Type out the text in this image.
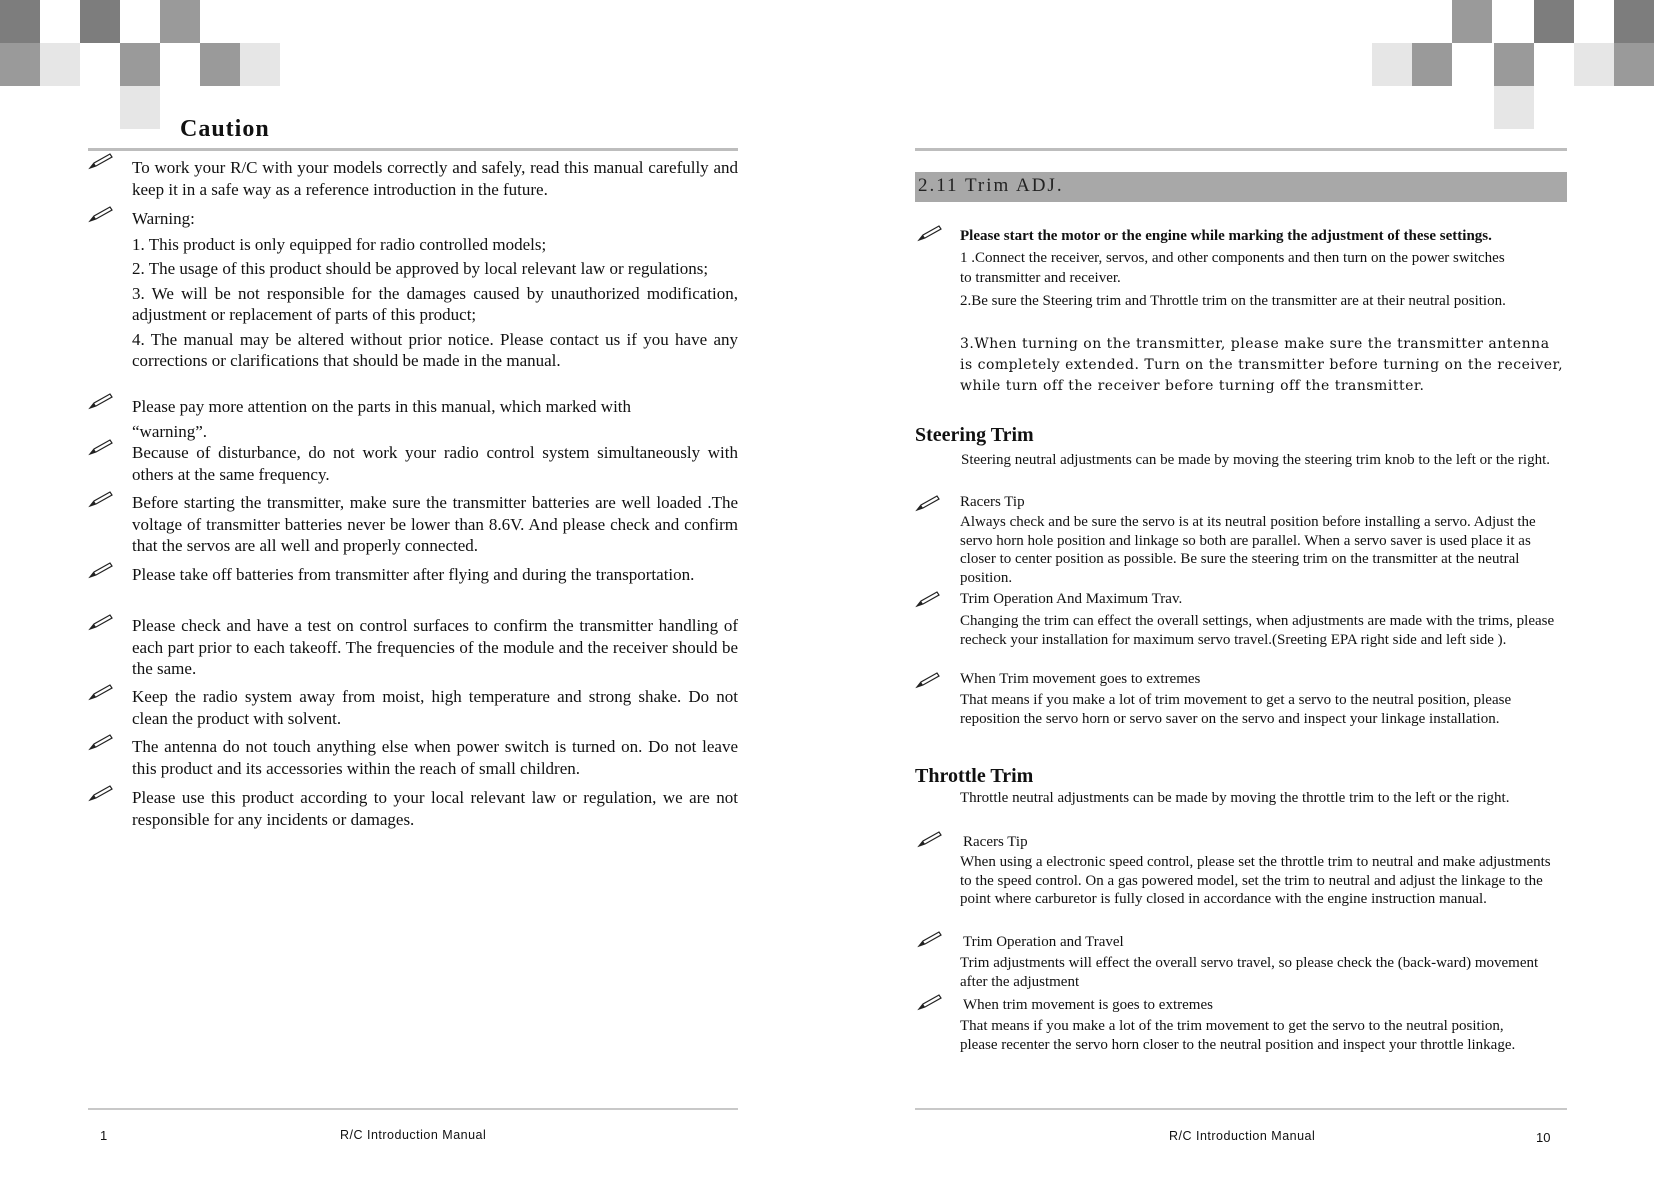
Caution
To work your R/C with your models correctly and safely, read this manual carefully and keep it in a safe way as a reference introduction in the future.
Warning:
1. This product is only equipped for radio controlled models;
2. The usage of this product should be approved by local relevant law or regulations;
3. We will be not responsible for the damages caused by unauthorized modification, adjustment or replacement of parts of this product;
4. The manual may be altered without prior notice. Please contact us if you have any corrections or clarifications that should be made in the manual.
Please pay more attention on the parts in this manual, which marked with
“warning”.
Because of disturbance, do not work your radio control system simultaneously with others at the same frequency.
Before starting the transmitter, make sure the transmitter batteries are well loaded .The voltage of transmitter batteries never be lower than 8.6V. And please check and confirm that the servos are all well and properly connected.
Please take off batteries from transmitter after flying and during the transportation.
Please check and have a test on control surfaces to confirm the transmitter handling of each part prior to each takeoff. The frequencies of the module and the receiver should be the same.
Keep the radio system away from moist, high temperature and strong shake. Do not clean the product with solvent.
The antenna do not touch anything else when power switch is turned on. Do not leave this product and its accessories within the reach of small children.
Please use this product according to your local relevant law or regulation, we are not responsible for any incidents or damages.
1	R/C Introduction Manual
2.11 Trim ADJ.
Please start the motor or the engine while marking the adjustment of these settings.
1 .Connect the receiver, servos, and other components and then turn on the power switches to transmitter and receiver.
2.Be sure the Steering trim and Throttle trim on the transmitter are at their neutral position.
3.When turning on the transmitter, please make sure the transmitter antenna is completely extended. Turn on the transmitter before turning on the receiver, while turn off the receiver before turning off the transmitter.
Steering Trim
Steering neutral adjustments can be made by moving the steering trim knob to the left or the right.
Racers Tip
Always check and be sure the servo is at its neutral position before installing a servo. Adjust the servo horn hole position and linkage so both are parallel. When a servo saver is used place it as closer to center position as possible. Be sure the steering trim on the transmitter at the neutral position.
Trim Operation And Maximum Trav.
Changing the trim can effect the overall settings, when adjustments are made with the trims, please recheck your installation for maximum servo travel.(Sreeting EPA right side and left side ).
When Trim movement goes to extremes
That means if you make a lot of trim movement to get a servo to the neutral position, please reposition the servo horn or servo saver on the servo and inspect your linkage installation.
Throttle Trim
Throttle neutral adjustments can be made by moving the throttle trim to the left or the right.
Racers Tip
When using a electronic speed control, please set the throttle trim to neutral and make adjustments to the speed control. On a gas powered model, set the trim to neutral and adjust the linkage to the point where carburetor is fully closed in accordance with the engine instruction manual.
Trim Operation and Travel
Trim adjustments will effect the overall servo travel, so please check the (back-ward) movement after the adjustment
When trim movement is goes to extremes
That means if you make a lot of the trim movement to get the servo to the neutral position, please recenter the servo horn closer to the neutral position and inspect your throttle linkage.
R/C Introduction Manual	10
